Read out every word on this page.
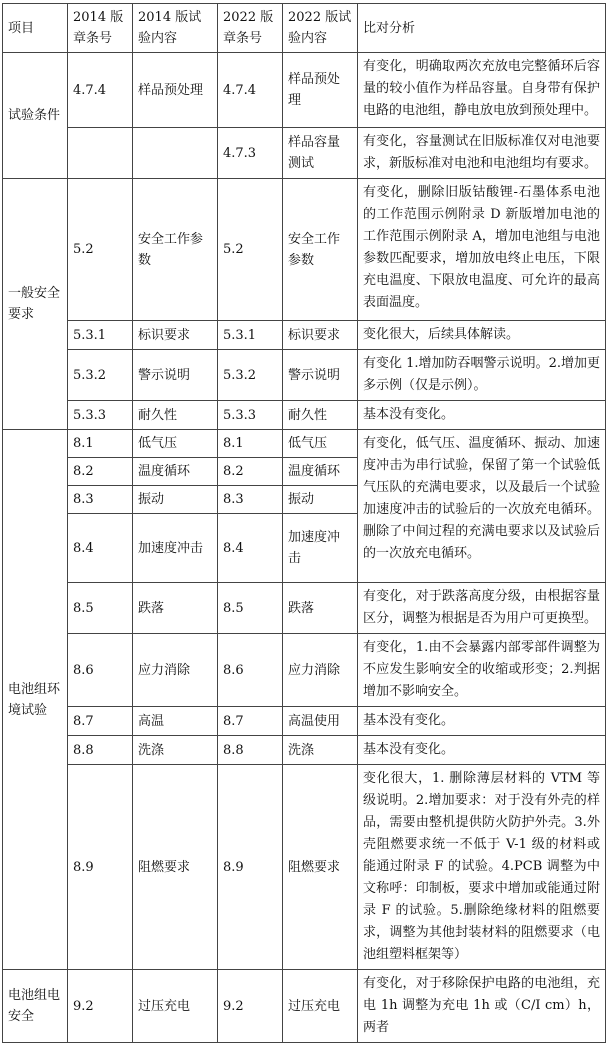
项目	2014 版章条号	2014 版试验内容	2022 版章条号	2022 版试验内容	比对分析
试验条件	4.7.4	样品预处理	4.7.4	样品预处理	有变化，明确取两次充放电完整循环后容量的较小值作为样品容量。自身带有保护电路的电池组，静电放电放到预处理中。
			4.7.3	样品容量测试	有变化，容量测试在旧版标准仅对电池要求，新版标准对电池和电池组均有要求。
一般安全要求	5.2	安全工作参数	5.2	安全工作参数	有变化，删除旧版钴酸锂-石墨体系电池的工作范围示例附录 D 新版增加电池的工作范围示例附录 A，增加电池组与电池参数匹配要求，增加放电终止电压，下限充电温度、下限放电温度、可允许的最高表面温度。
	5.3.1	标识要求	5.3.1	标识要求	变化很大，后续具体解读。
	5.3.2	警示说明	5.3.2	警示说明	有变化 1.增加防吞咽警示说明。2.增加更多示例（仅是示例）。
	5.3.3	耐久性	5.3.3	耐久性	基本没有变化。
电池组环境试验	8.1	低气压	8.1	低气压	有变化，低气压、温度循环、振动、加速度冲击为串行试验，保留了第一个试验低气压队的充满电要求，以及最后一个试验加速度冲击的试验后的一次放充电循环。删除了中间过程的充满电要求以及试验后的一次放充电循环。
	8.2	温度循环	8.2	温度循环	
	8.3	振动	8.3	振动	
	8.4	加速度冲击	8.4	加速度冲击	
	8.5	跌落	8.5	跌落	有变化，对于跌落高度分级，由根据容量区分，调整为根据是否为用户可更换型。
	8.6	应力消除	8.6	应力消除	有变化，1.由不会暴露内部零部件调整为不应发生影响安全的收缩或形变；2.判据增加不影响安全。
	8.7	高温	8.7	高温使用	基本没有变化。
	8.8	洗涤	8.8	洗涤	基本没有变化。
	8.9	阻燃要求	8.9	阻燃要求	变化很大，1. 删除薄层材料的 VTM 等级说明。2.增加要求：对于没有外壳的样品，需要由整机提供防火防护外壳。3.外壳阻燃要求统一不低于 V-1 级的材料或能通过附录 F 的试验。4.PCB 调整为中文称呼：印制板，要求中增加或能通过附录 F 的试验。5.删除绝缘材料的阻燃要求，调整为其他封装材料的阻燃要求（电池组塑料框架等）
电池组电安全	9.2	过压充电	9.2	过压充电	有变化，对于移除保护电路的电池组，充电 1h 调整为充电 1h 或（C/I cm）h，两者
